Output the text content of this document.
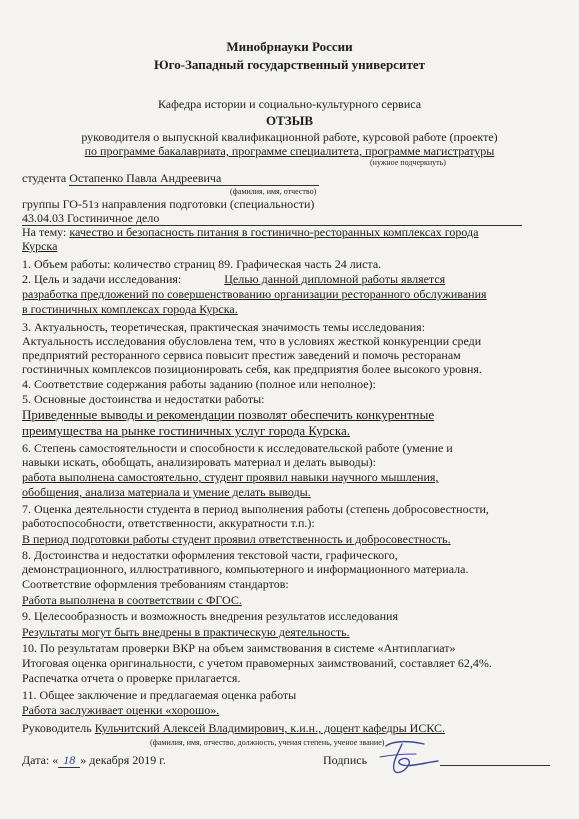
Минобрнауки России
Юго-Западный государственный университет
Кафедра истории и социально-культурного сервиса
ОТЗЫВ
руководителя о выпускной квалификационной работе, курсовой работе (проекте)
по программе бакалавриата, программе специалитета, программе магистратуры
(нужное подчеркнуть)
студента Остапенко Павла Андреевича
(фамилия, имя, отчество)
группы ГО-51з направления подготовки (специальности)
43.04.03 Гостиничное дело
На тему: качество и безопасность питания в гостинично-ресторанных комплексах города
Курска
1. Объем работы: количество страниц 89. Графическая часть 24 листа.
2. Цель и задачи исследования:	Целью данной дипломной работы является
разработка предложений по совершенствованию организации ресторанного обслуживания
в гостиничных комплексах города Курска.
3. Актуальность, теоретическая, практическая значимость темы исследования:
Актуальность исследования обусловлена тем, что в условиях жесткой конкуренции среди
предприятий ресторанного сервиса повысит престиж заведений и помочь ресторанам
гостиничных комплексов позиционировать себя, как предприятия более высокого уровня.
4. Соответствие содержания работы заданию (полное или неполное):
5. Основные достоинства и недостатки работы:
Приведенные выводы и рекомендации позволят обеспечить конкурентные
преимущества на рынке гостиничных услуг города Курска.
6. Степень самостоятельности и способности к исследовательской работе (умение и
навыки искать, обобщать, анализировать материал и делать выводы):
работа выполнена самостоятельно, студент проявил навыки научного мышления,
обобщения, анализа материала и умение делать выводы.
7. Оценка деятельности студента в период выполнения работы (степень добросовестности,
работоспособности, ответственности, аккуратности т.п.):
В период подготовки работы студент проявил ответственность и добросовестность.
8. Достоинства и недостатки оформления текстовой части, графического,
демонстрационного, иллюстративного, компьютерного и информационного материала.
Соответствие оформления требованиям стандартов:
Работа выполнена в соответствии с ФГОС.
9. Целесообразность и возможность внедрения результатов исследования
Результаты могут быть внедрены в практическую деятельность.
10. По результатам проверки ВКР на объем заимствования в системе «Антиплагиат»
Итоговая оценка оригинальности, с учетом правомерных заимствований, составляет 62,4%.
Распечатка отчета о проверке прилагается.
11. Общее заключение и предлагаемая оценка работы
Работа заслуживает оценки «хорошо».
Руководитель Кульчитский Алексей Владимирович, к.и.н., доцент кафедры ИСКС.
(фамилия, имя, отчество, должность, ученая степень, ученое звание)
Дата: « 18 » декабря 2019 г.	Подпись
